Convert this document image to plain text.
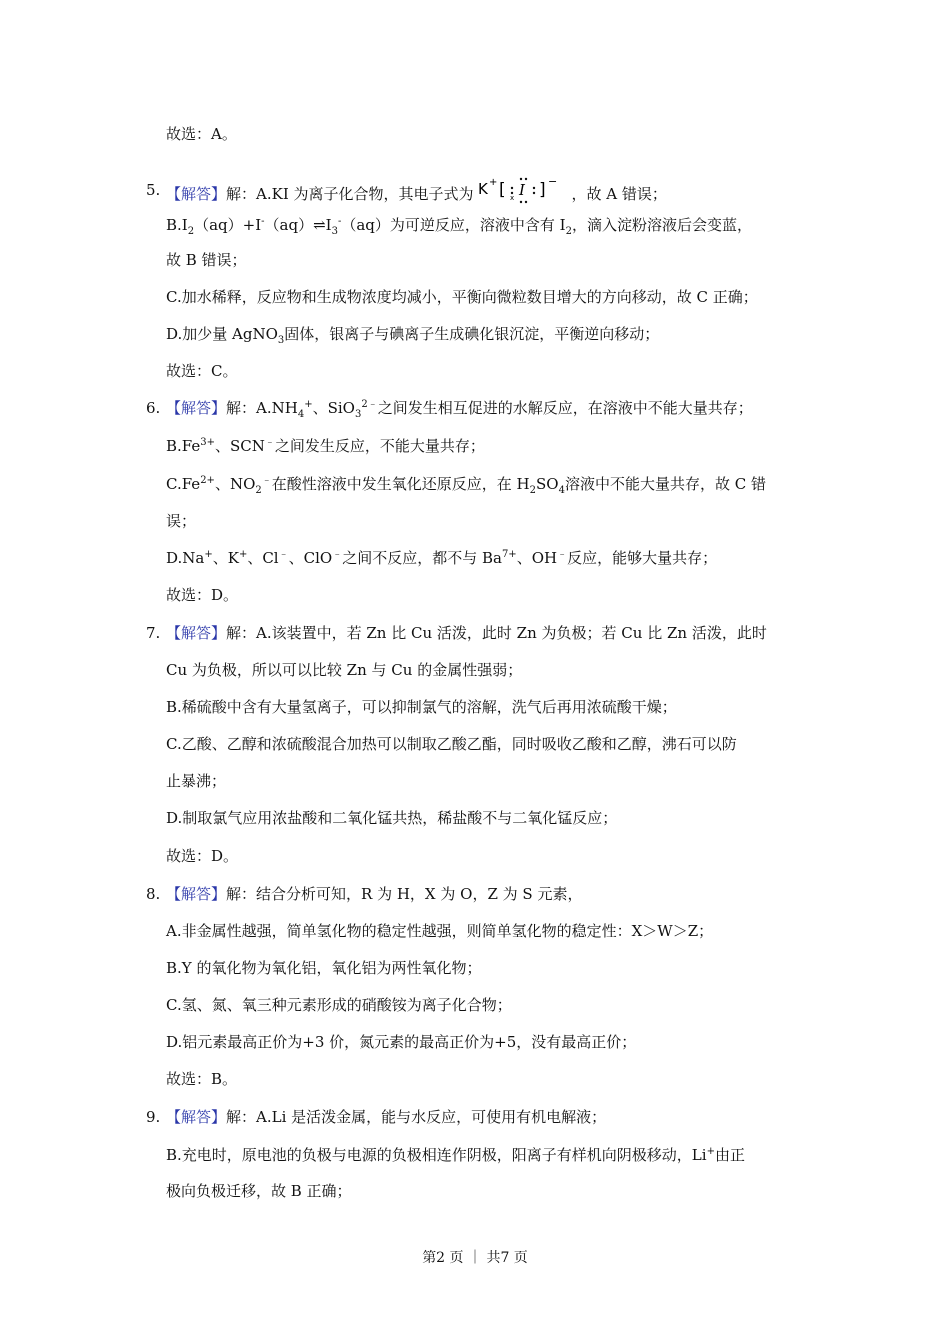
故选：A。
5. 【解答】解：A.KI 为离子化合物，其电子式为 K + [ x I ] −
，故 A 错误；
$B.I_2(aq)+I^-(aq)\rightleftharpoons I_3^-(aq)$为可逆反应，溶液中含有 $I_2$，滴入淀粉溶液后会变蓝，
故 B 错误；
C.加水稀释，反应物和生成物浓度均减小，平衡向微粒数目增大的方向移动，故 C 正确；
D.加少量 AgNO$_3$固体，银离子与碘离子生成碘化银沉淀，平衡逆向移动；
故选：C。
6. 【解答】解：$A.NH_4^+$、SiO$_3^{2﹣}$之间发生相互促进的水解反应，在溶液中不能大量共存；
$B.Fe^{3+}$、SCN﹣之间发生反应，不能大量共存；
$C.Fe^{2+}$、$NO_2^﹣$在酸性溶液中发生氧化还原反应，在 $H_2SO_4$溶液中不能大量共存，故 C 错
误；
D.Na+、K+、Cl﹣、ClO﹣之间不反应，都不与 $Ba^{7+}$、OH﹣反应，能够大量共存；
故选：D。
7. 【解答】解：A.该装置中，若 Zn 比 Cu 活泼，此时 Zn 为负极；若 Cu 比 Zn 活泼，此时
Cu 为负极，所以可以比较 Zn 与 Cu 的金属性强弱；
B.稀硫酸中含有大量氢离子，可以抑制氯气的溶解，洗气后再用浓硫酸干燥；
C.乙酸、乙醇和浓硫酸混合加热可以制取乙酸乙酯，同时吸收乙酸和乙醇，沸石可以防
止暴沸；
D.制取氯气应用浓盐酸和二氧化锰共热，稀盐酸不与二氧化锰反应；
故选：D。
8. 【解答】解：结合分析可知，R 为 H，X 为 O，Z 为 S 元素，
A.非金属性越强，简单氢化物的稳定性越强，则简单氢化物的稳定性：X＞W＞Z；
B.Y 的氧化物为氧化铝，氧化铝为两性氧化物；
C.氢、氮、氧三种元素形成的硝酸铵为离子化合物；
D.铝元素最高正价为+3 价，氮元素的最高正价为+5，没有最高正价；
故选：B。
9. 【解答】解：A.Li 是活泼金属，能与水反应，可使用有机电解液；
B.充电时，原电池的负极与电源的负极相连作阴极，阳离子有样机向阴极移动，Li+由正
极向负极迁移，故 B 正确；
第2 页 ｜ 共7 页
